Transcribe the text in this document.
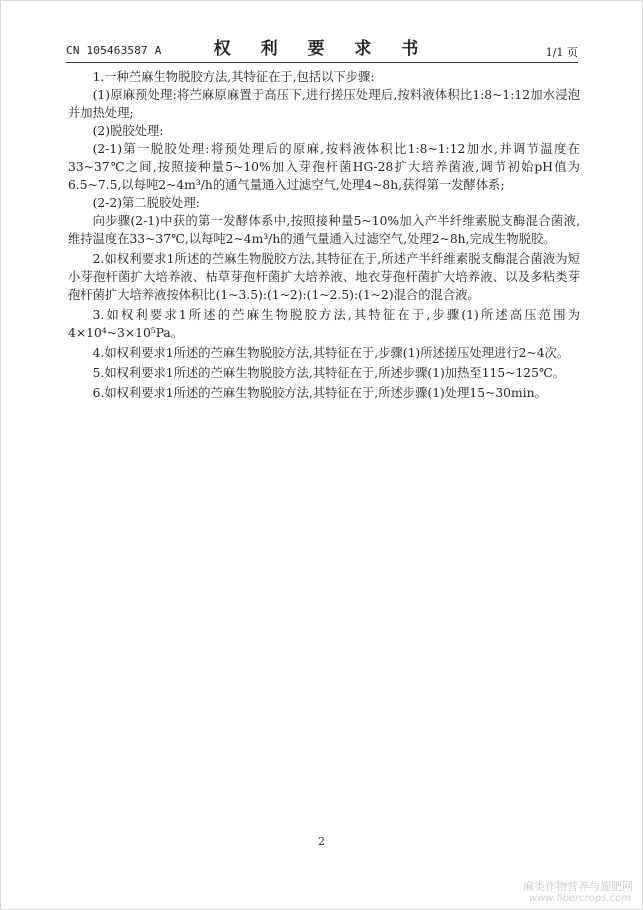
CN 105463587 A	权 利 要 求 书	1/1 页

1.一种苎麻生物脱胶方法,其特征在于,包括以下步骤:

(1)原麻预处理:将苎麻原麻置于高压下,进行搓压处理后,按料液体积比1:8~1:12加水浸泡并加热处理;

(2)脱胶处理:

(2-1)第一脱胶处理:将预处理后的原麻,按料液体积比1:8~1:12加水,并调节温度在33~37℃之间,按照接种量5~10%加入芽孢杆菌HG-28扩大培养菌液,调节初始pH值为6.5~7.5,以每吨2~4m³/h的通气量通入过滤空气,处理4~8h,获得第一发酵体系;

(2-2)第二脱胶处理:

向步骤(2-1)中获的第一发酵体系中,按照接种量5~10%加入产半纤维素脱支酶混合菌液,维持温度在33~37℃,以每吨2~4m³/h的通气量通入过滤空气,处理2~8h,完成生物脱胶。

2.如权利要求1所述的苎麻生物脱胶方法,其特征在于,所述产半纤维素脱支酶混合菌液为短小芽孢杆菌扩大培养液、枯草芽孢杆菌扩大培养液、地衣芽孢杆菌扩大培养液、以及多粘类芽孢杆菌扩大培养液按体积比(1~3.5):(1~2):(1~2.5):(1~2)混合的混合液。

3.如权利要求1所述的苎麻生物脱胶方法,其特征在于,步骤(1)所述高压范围为4×10⁴~3×10⁵Pa。

4.如权利要求1所述的苎麻生物脱胶方法,其特征在于,步骤(1)所述搓压处理进行2~4次。

5.如权利要求1所述的苎麻生物脱胶方法,其特征在于,所述步骤(1)加热至115~125℃。

6.如权利要求1所述的苎麻生物脱胶方法,其特征在于,所述步骤(1)处理15~30min。

2
麻类作物营养与施肥网
www.fibercrops.com
